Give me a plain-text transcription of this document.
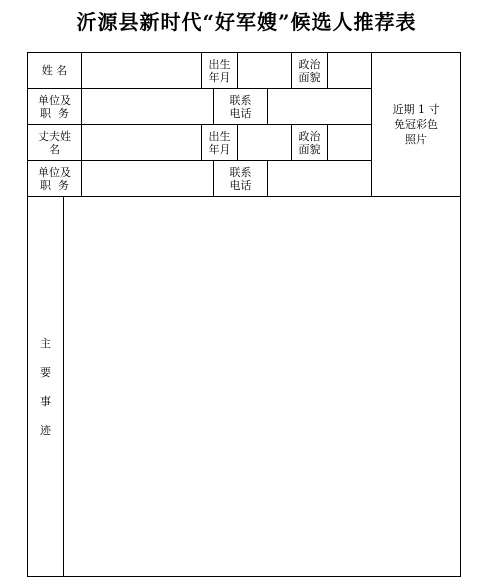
沂源县新时代“好军嫂”候选人推荐表
姓 名	出生
年月
政治
面貌
单位及
职  务
联系
电话
丈夫姓
名
出生
年月
政治
面貌
单位及
职  务
联系
电话
近期 1 寸
免冠彩色
照片
主
要
事
迹
